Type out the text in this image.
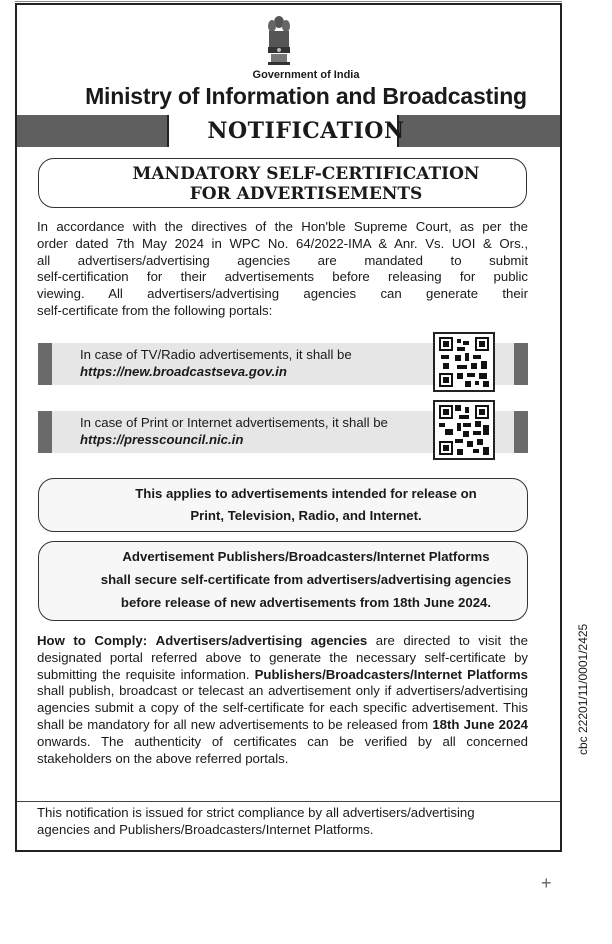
Government of India
Ministry of Information and Broadcasting
NOTIFICATION
MANDATORY SELF-CERTIFICATION
FOR ADVERTISEMENTS
In accordance with the directives of the Hon'ble Supreme Court, as per the
order dated 7th May 2024 in WPC No. 64/2022-IMA & Anr. Vs. UOI & Ors.,
all advertisers/advertising agencies are mandated to submit
self-certification for their advertisements before releasing for public
viewing. All advertisers/advertising agencies can generate their
self-certificate from the following portals:
In case of TV/Radio advertisements, it shall be
https://new.broadcastseva.gov.in
In case of Print or Internet advertisements, it shall be
https://presscouncil.nic.in
This applies to advertisements intended for release on
Print, Television, Radio, and Internet.
Advertisement Publishers/Broadcasters/Internet Platforms
shall secure self-certificate from advertisers/advertising agencies
before release of new advertisements from 18th June 2024.
How to Comply: Advertisers/advertising agencies are directed to visit the designated portal referred above to generate the necessary self-certificate by submitting the requisite information. Publishers/Broadcasters/Internet Platforms shall publish, broadcast or telecast an advertisement only if advertisers/advertising agencies submit a copy of the self-certificate for each specific advertisement. This shall be mandatory for all new advertisements to be released from 18th June 2024 onwards. The authenticity of certificates can be verified by all concerned stakeholders on the above referred portals.
This notification is issued for strict compliance by all advertisers/advertising
agencies and Publishers/Broadcasters/Internet Platforms.
cbc 22201/11/0001/2425
+
